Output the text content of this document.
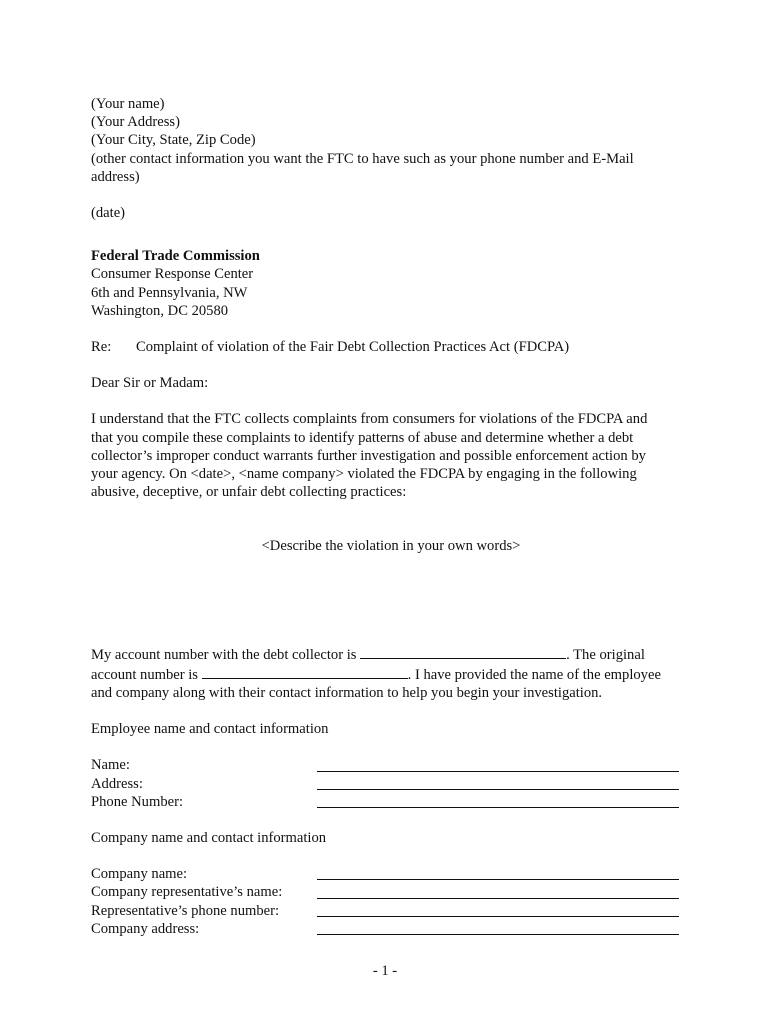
(Your name)
(Your Address)
(Your City, State, Zip Code)
(other contact information you want the FTC to have such as your phone number and E-Mail
address)
(date)
Federal Trade Commission
Consumer Response Center
6th and Pennsylvania, NW
Washington, DC 20580
Re:	Complaint of violation of the Fair Debt Collection Practices Act (FDCPA)
Dear Sir or Madam:
I understand that the FTC collects complaints from consumers for violations of the FDCPA and
that you compile these complaints to identify patterns of abuse and determine whether a debt
collector’s improper conduct warrants further investigation and possible enforcement action by
your agency. On <date>, <name company> violated the FDCPA by engaging in the following
abusive, deceptive, or unfair debt collecting practices:
<Describe the violation in your own words>
My account number with the debt collector is	. The original
account number is	. I have provided the name of the employee
and company along with their contact information to help you begin your investigation.
Employee name and contact information
Name:
Address:
Phone Number:
Company name and contact information
Company name:
Company representative’s name:
Representative’s phone number:
Company address:
- 1 -
